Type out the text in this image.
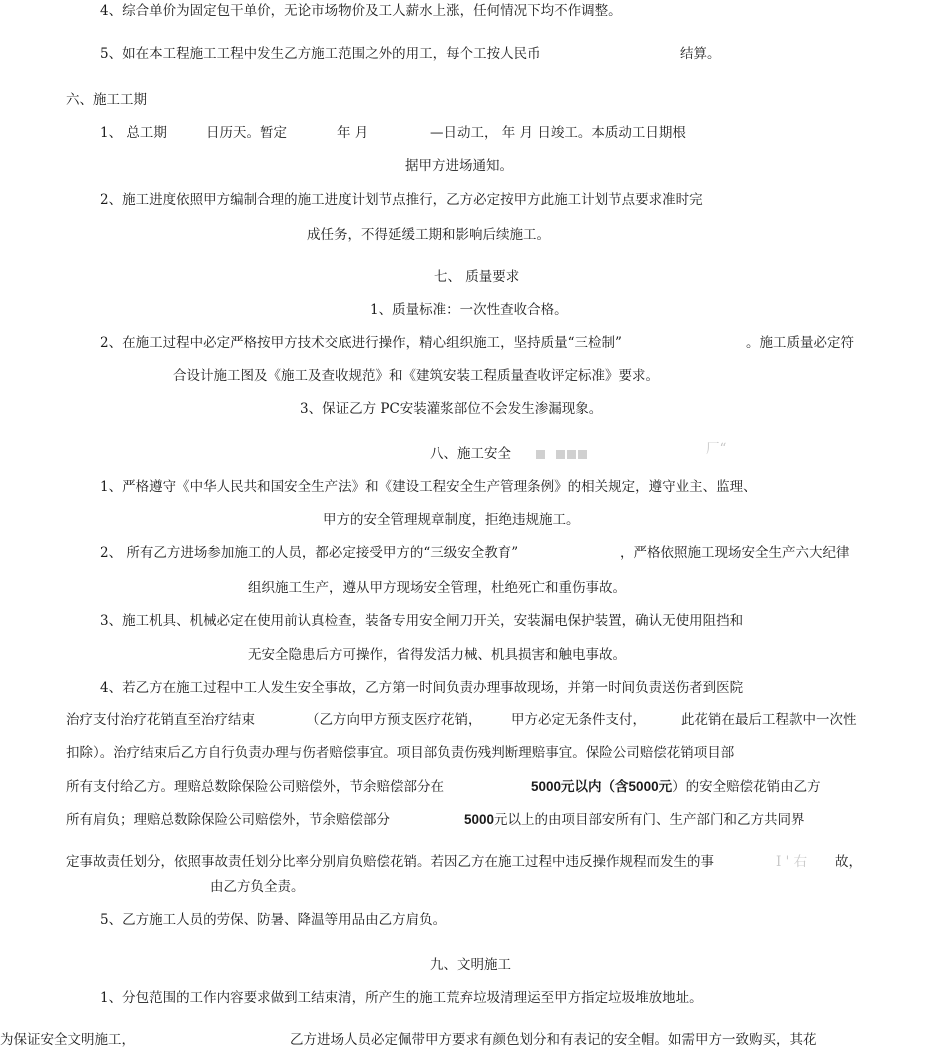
4、综合单价为固定包干单价，无论市场物价及工人薪水上涨，任何情况下均不作调整。
5、如在本工程施工工程中发生乙方施工范围之外的用工，每个工按人民币	结算。
六、施工工期
1、 总工期	日历天。暂定	年 月	—日动工， 年 月 日竣工。本质动工日期根
据甲方进场通知。
2、施工进度依照甲方编制合理的施工进度计划节点推行，乙方必定按甲方此施工计划节点要求准时完
成任务，不得延缓工期和影响后续施工。
七、 质量要求
1、质量标准：一次性查收合格。
2、在施工过程中必定严格按甲方技术交底进行操作，精心组织施工，坚持质量“三检制”	。施工质量必定符
合设计施工图及《施工及查收规范》和《建筑安装工程质量查收评定标准》要求。
3、保证乙方 PC安装灌浆部位不会发生渗漏现象。
八、施工安全
	厂“
1、严格遵守《中华人民共和国安全生产法》和《建设工程安全生产管理条例》的相关规定，遵守业主、监理、
甲方的安全管理规章制度，拒绝违规施工。
2、 所有乙方进场参加施工的人员，都必定接受甲方的“三级安全教育”	，严格依照施工现场安全生产六大纪律
组织施工生产，遵从甲方现场安全管理，杜绝死亡和重伤事故。
3、施工机具、机械必定在使用前认真检查，装备专用安全闸刀开关，安装漏电保护装置，确认无使用阻挡和
无安全隐患后方可操作，省得发活力械、机具损害和触电事故。
4、若乙方在施工过程中工人发生安全事故，乙方第一时间负责办理事故现场，并第一时间负责送伤者到医院
治疗支付治疗花销直至治疗结束	（乙方向甲方预支医疗花销， 甲方必定无条件支付，	此花销在最后工程款中一次性
扣除）。治疗结束后乙方自行负责办理与伤者赔偿事宜。项目部负责伤残判断理赔事宜。保险公司赔偿花销项目部
所有支付给乙方。理赔总数除保险公司赔偿外，节余赔偿部分在	5000元以内（含5000元）的安全赔偿花销由乙方
所有肩负；理赔总数除保险公司赔偿外，节余赔偿部分	5000元以上的由项目部安所有门、生产部门和乙方共同界
定事故责任划分，依照事故责任划分比率分别肩负赔偿花销。若因乙方在施工过程中违反操作规程而发生的事	I ' 右 故，
由乙方负全责。
5、乙方施工人员的劳保、防暑、降温等用品由乙方肩负。
九、文明施工
1、分包范围的工作内容要求做到工结束清，所产生的施工荒弃垃圾清理运至甲方指定垃圾堆放地址。
为保证安全文明施工，	乙方进场人员必定佩带甲方要求有颜色划分和有表记的安全帽。如需甲方一致购买，其花
